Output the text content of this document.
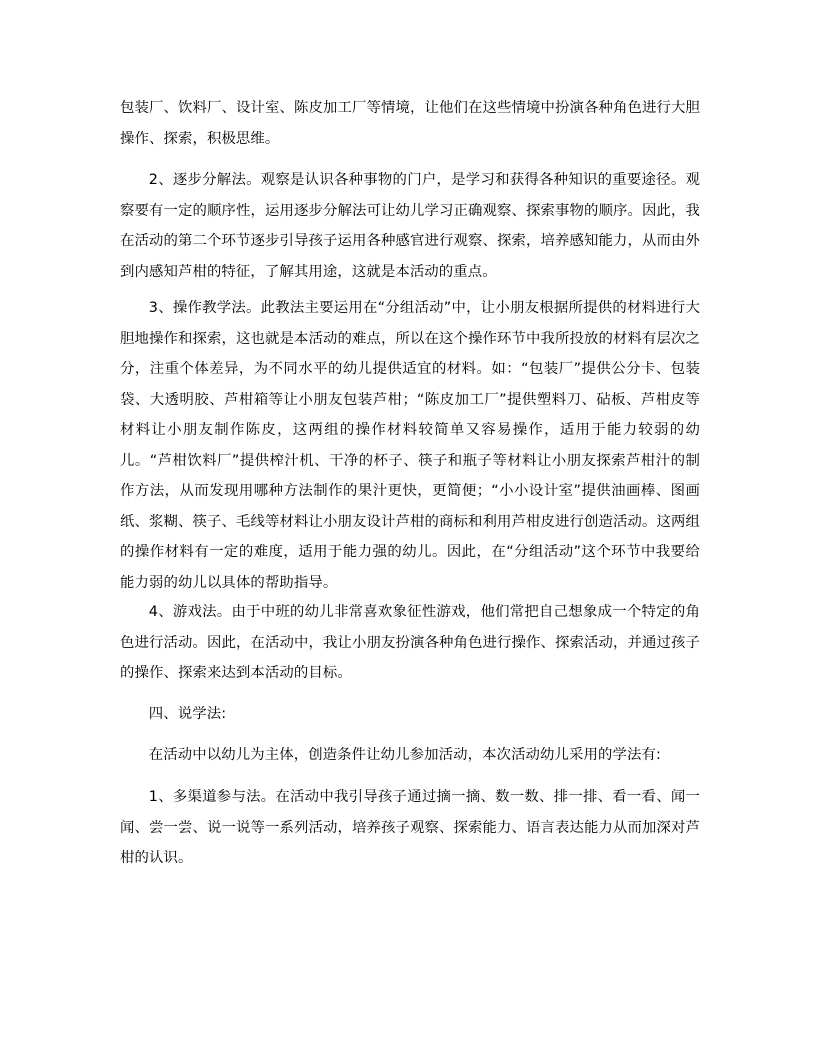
包装厂、饮料厂、设计室、陈皮加工厂等情境，让他们在这些情境中扮演各种角色进行大胆操作、探索，积极思维。

2、逐步分解法。观察是认识各种事物的门户，是学习和获得各种知识的重要途径。观察要有一定的顺序性，运用逐步分解法可让幼儿学习正确观察、探索事物的顺序。因此，我在活动的第二个环节逐步引导孩子运用各种感官进行观察、探索，培养感知能力，从而由外到内感知芦柑的特征，了解其用途，这就是本活动的重点。

3、操作教学法。此教法主要运用在“分组活动”中，让小朋友根据所提供的材料进行大胆地操作和探索，这也就是本活动的难点，所以在这个操作环节中我所投放的材料有层次之分，注重个体差异，为不同水平的幼儿提供适宜的材料。如：“包装厂”提供公分卡、包装袋、大透明胶、芦柑箱等让小朋友包装芦柑；“陈皮加工厂”提供塑料刀、砧板、芦柑皮等材料让小朋友制作陈皮，这两组的操作材料较简单又容易操作，适用于能力较弱的幼儿。“芦柑饮料厂”提供榨汁机、干净的杯子、筷子和瓶子等材料让小朋友探索芦柑汁的制作方法，从而发现用哪种方法制作的果汁更快，更简便；“小小设计室”提供油画棒、图画纸、浆糊、筷子、毛线等材料让小朋友设计芦柑的商标和利用芦柑皮进行创造活动。这两组的操作材料有一定的难度，适用于能力强的幼儿。因此，在“分组活动”这个环节中我要给能力弱的幼儿以具体的帮助指导。

4、游戏法。由于中班的幼儿非常喜欢象征性游戏，他们常把自己想象成一个特定的角色进行活动。因此，在活动中，我让小朋友扮演各种角色进行操作、探索活动，并通过孩子的操作、探索来达到本活动的目标。

四、说学法:

在活动中以幼儿为主体，创造条件让幼儿参加活动，本次活动幼儿采用的学法有:

1、多渠道参与法。在活动中我引导孩子通过摘一摘、数一数、排一排、看一看、闻一闻、尝一尝、说一说等一系列活动，培养孩子观察、探索能力、语言表达能力从而加深对芦柑的认识。
